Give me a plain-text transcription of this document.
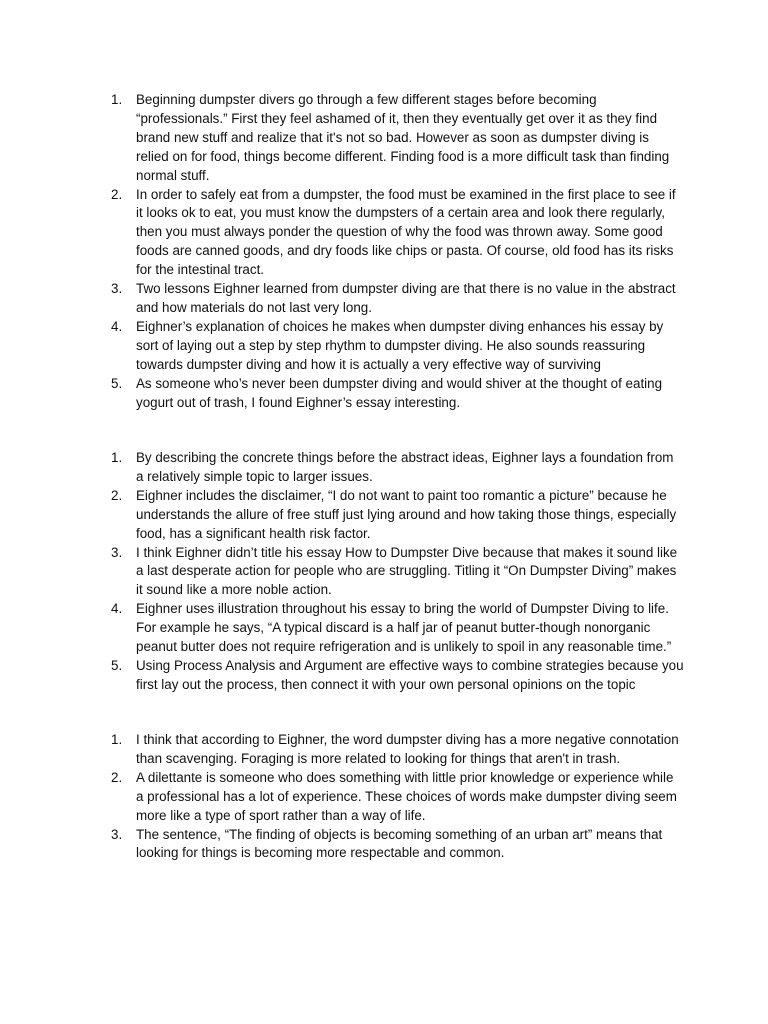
1. 1.	Beginning dumpster divers go through a few different stages before becoming “professionals.” First they feel ashamed of it, then they eventually get over it as they find brand new stuff and realize that it's not so bad. However as soon as dumpster diving is relied on for food, things become different. Finding food is a more difficult task than finding normal stuff.
2. 2.	In order to safely eat from a dumpster, the food must be examined in the first place to see if it looks ok to eat, you must know the dumpsters of a certain area and look there regularly, then you must always ponder the question of why the food was thrown away. Some good foods are canned goods, and dry foods like chips or pasta. Of course, old food has its risks for the intestinal tract.
3. 3.	Two lessons Eighner learned from dumpster diving are that there is no value in the abstract and how materials do not last very long.
4. 4.	Eighner’s explanation of choices he makes when dumpster diving enhances his essay by sort of laying out a step by step rhythm to dumpster diving. He also sounds reassuring towards dumpster diving and how it is actually a very effective way of surviving
5. 5.	As someone who’s never been dumpster diving and would shiver at the thought of eating yogurt out of trash, I found Eighner’s essay interesting.
1. 1.	By describing the concrete things before the abstract ideas, Eighner lays a foundation from a relatively simple topic to larger issues.
2. 2.	Eighner includes the disclaimer, “I do not want to paint too romantic a picture” because he understands the allure of free stuff just lying around and how taking those things, especially food, has a significant health risk factor.
3. 3.	I think Eighner didn’t title his essay How to Dumpster Dive because that makes it sound like a last desperate action for people who are struggling. Titling it “On Dumpster Diving” makes it sound like a more noble action.
4. 4.	Eighner uses illustration throughout his essay to bring the world of Dumpster Diving to life. For example he says, “A typical discard is a half jar of peanut butter-though nonorganic peanut butter does not require refrigeration and is unlikely to spoil in any reasonable time.”
5. 5.	Using Process Analysis and Argument are effective ways to combine strategies because you first lay out the process, then connect it with your own personal opinions on the topic
1. 1.	I think that according to Eighner, the word dumpster diving has a more negative connotation than scavenging. Foraging is more related to looking for things that aren't in trash.
2. 2.	A dilettante is someone who does something with little prior knowledge or experience while a professional has a lot of experience. These choices of words make dumpster diving seem more like a type of sport rather than a way of life.
3. 3.	The sentence, “The finding of objects is becoming something of an urban art” means that looking for things is becoming more respectable and common.
